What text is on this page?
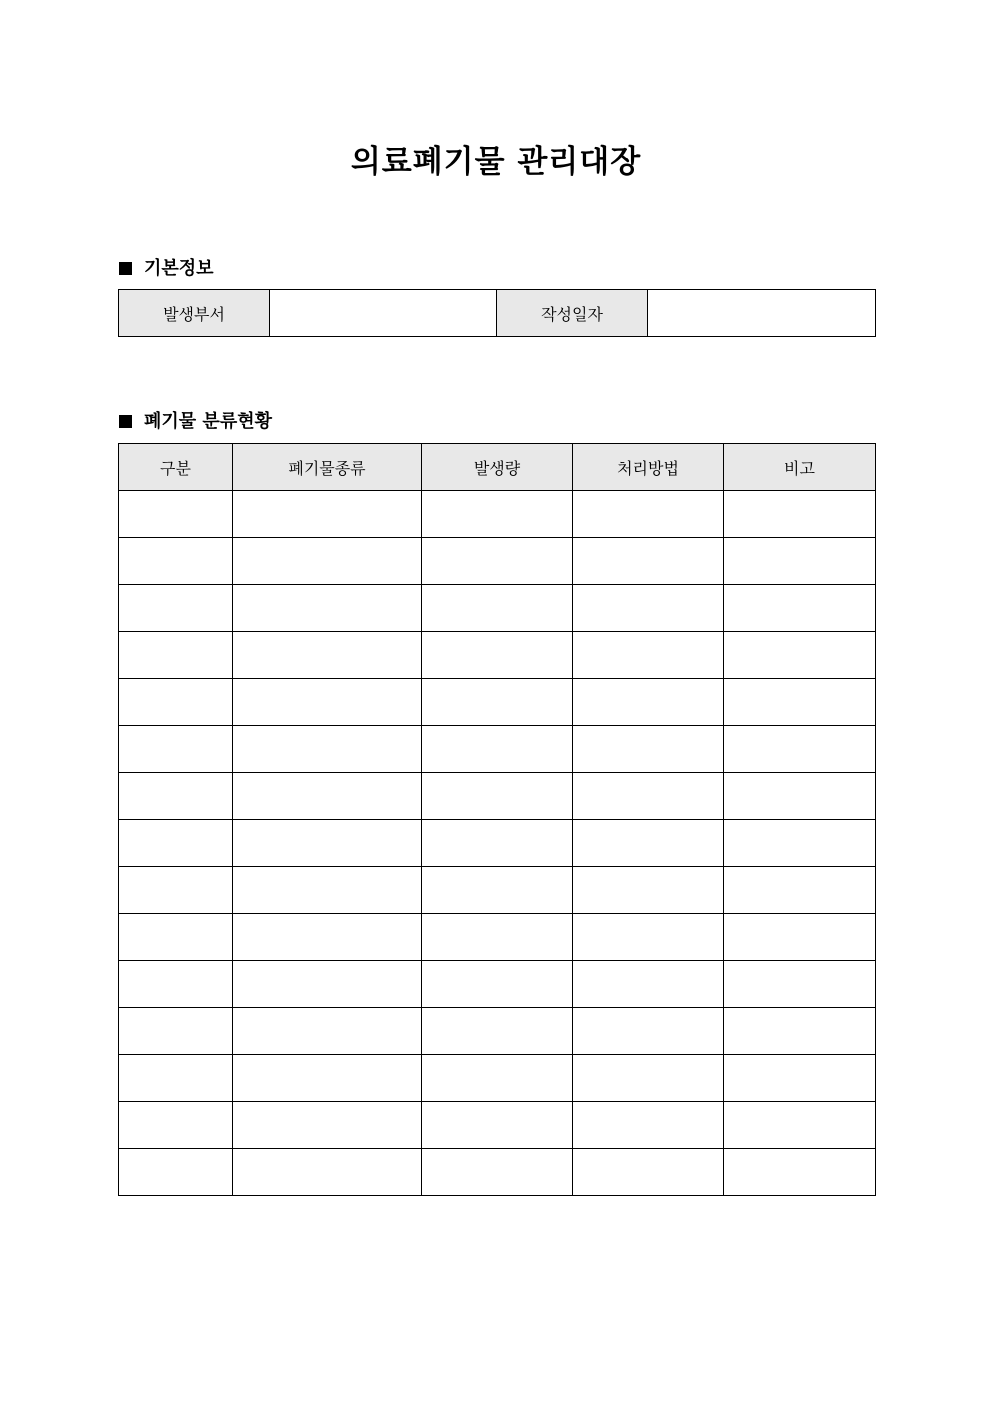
의료폐기물 관리대장
기본정보
발생부서		작성일자	
폐기물 분류현황
구분	폐기물종류	발생량	처리방법	비고
